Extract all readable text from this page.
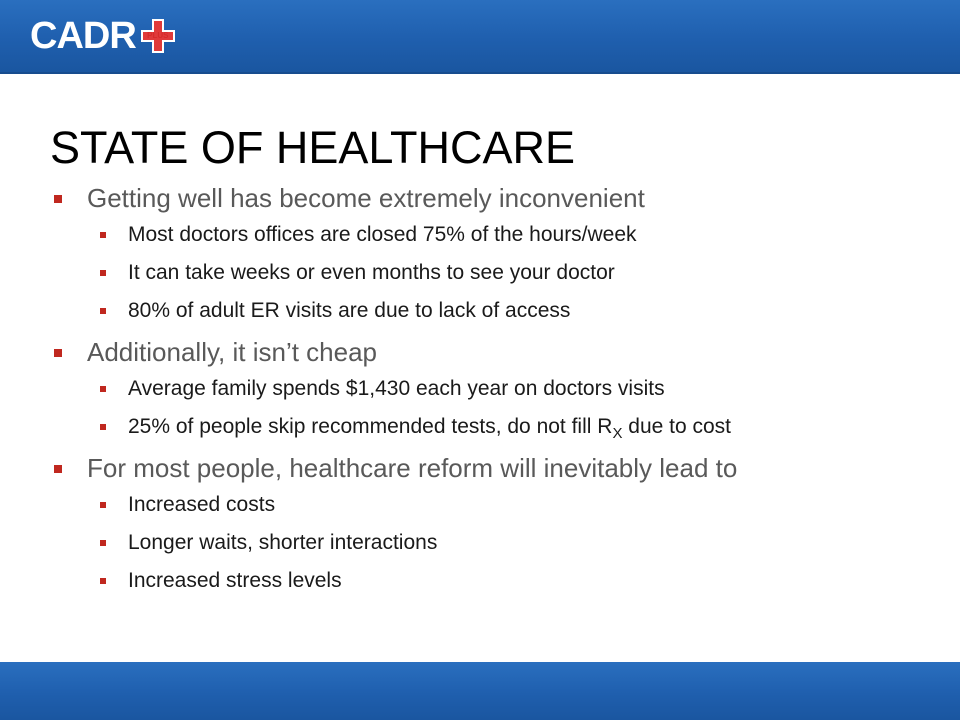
CADR PLUS
STATE OF HEALTHCARE
Getting well has become extremely inconvenient
Most doctors offices are closed 75% of the hours/week
It can take weeks or even months to see your doctor
80% of adult ER visits are due to lack of access
Additionally, it isn’t cheap
Average family spends $1,430 each year on doctors visits
25% of people skip recommended tests, do not fill $R_X$ due to cost
For most people, healthcare reform will inevitably lead to
Increased costs
Longer waits, shorter interactions
Increased stress levels
